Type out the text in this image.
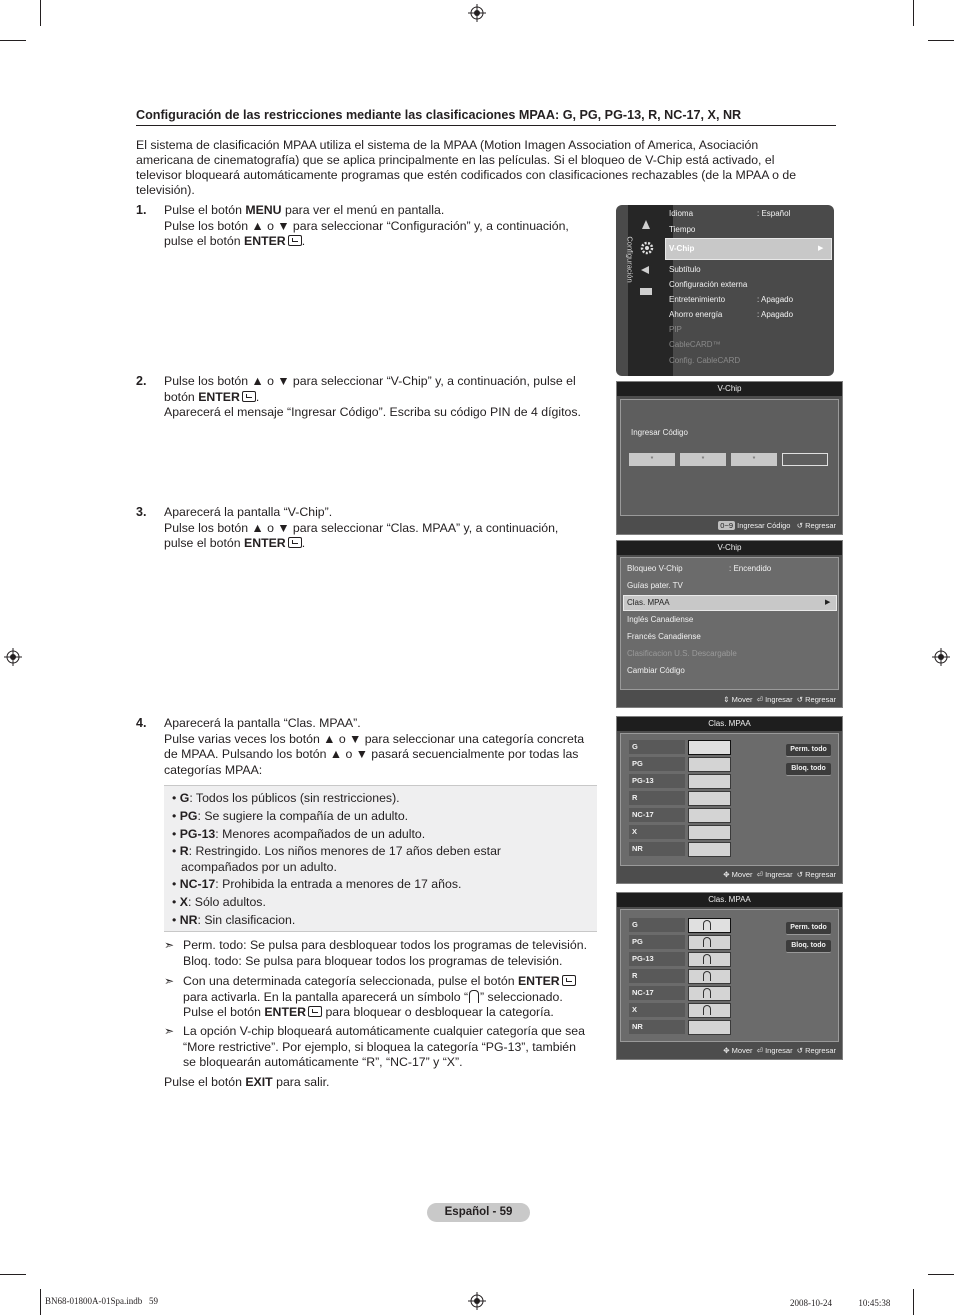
Configuración de las restricciones mediante las clasificaciones MPAA: G, PG, PG-13, R, NC-17, X, NR
El sistema de clasificación MPAA utiliza el sistema de la MPAA (Motion Imagen Association of America, Asociación
americana de cinematografía) que se aplica principalmente en las películas. Si el bloqueo de V-Chip está activado, el
televisor bloqueará automáticamente programas que estén codificados con clasificaciones rechazables (de la MPAA o de
televisión).
1. Pulse el botón MENU para ver el menú en pantalla.
Pulse los botón ▲ o ▼ para seleccionar “Configuración” y, a continuación,
pulse el botón ENTER .
2. Pulse los botón ▲ o ▼ para seleccionar “V-Chip” y, a continuación, pulse el
botón ENTER .
Aparecerá el mensaje “Ingresar Código”. Escriba su código PIN de 4 dígitos.
3. Aparecerá la pantalla “V-Chip”.
Pulse los botón ▲ o ▼ para seleccionar “Clas. MPAA” y, a continuación,
pulse el botón ENTER .
4. Aparecerá la pantalla “Clas. MPAA”.
Pulse varias veces los botón ▲ o ▼ para seleccionar una categoría concreta
de MPAA. Pulsando los botón ▲ o ▼ pasará secuencialmente por todas las
categorías MPAA:
• G: Todos los públicos (sin restricciones).
• PG: Se sugiere la compañía de un adulto.
• PG-13: Menores acompañados de un adulto.
• R: Restringido. Los niños menores de 17 años deben estar
acompañados por un adulto.
• NC-17: Prohibida la entrada a menores de 17 años.
• X: Sólo adultos.
• NR: Sin clasificacion.
➣ Perm. todo: Se pulsa para desbloquear todos los programas de televisión.
Bloq. todo: Se pulsa para bloquear todos los programas de televisión.
➣ Con una determinada categoría seleccionada, pulse el botón ENTER
para activarla. En la pantalla aparecerá un símbolo “ ” seleccionado.
Pulse el botón ENTER para bloquear o desbloquear la categoría.
➣ La opción V-chip bloqueará automáticamente cualquier categoría que sea
“More restrictive”. Por ejemplo, si bloquea la categoría “PG-13”, también
se bloquearán automáticamente “R”, “NC-17” y “X”.
Pulse el botón EXIT para salir.
Configuración
Idioma	: Español
Tiempo
V-Chip	▶
Subtítulo
Configuración externa
Entretenimiento	: Apagado
Ahorro energía	: Apagado
PIP
CableCARD™
Config. CableCARD
V-Chip
Ingresar Código
*	*	*
0~9 Ingresar Código ↺ Regresar
V-Chip
Bloqueo V-Chip	: Encendido
Guías pater. TV
Clas. MPAA	▶
Inglés Canadiense
Francés Canadiense
Clasificacion U.S. Descargable
Cambiar Código
⇕ Mover ⏎ Ingresar ↺ Regresar
Clas. MPAA
G
PG
PG-13
R
NC-17
X
NR
Perm. todo
Bloq. todo
✥ Mover ⏎ Ingresar ↺ Regresar
Clas. MPAA
G
PG
PG-13
R
NC-17
X
NR
Perm. todo
Bloq. todo
✥ Mover ⏎ Ingresar ↺ Regresar
Español - 59
BN68-01800A-01Spa.indb   59	2008-10-24   ᅟᅟ 10:45:38
